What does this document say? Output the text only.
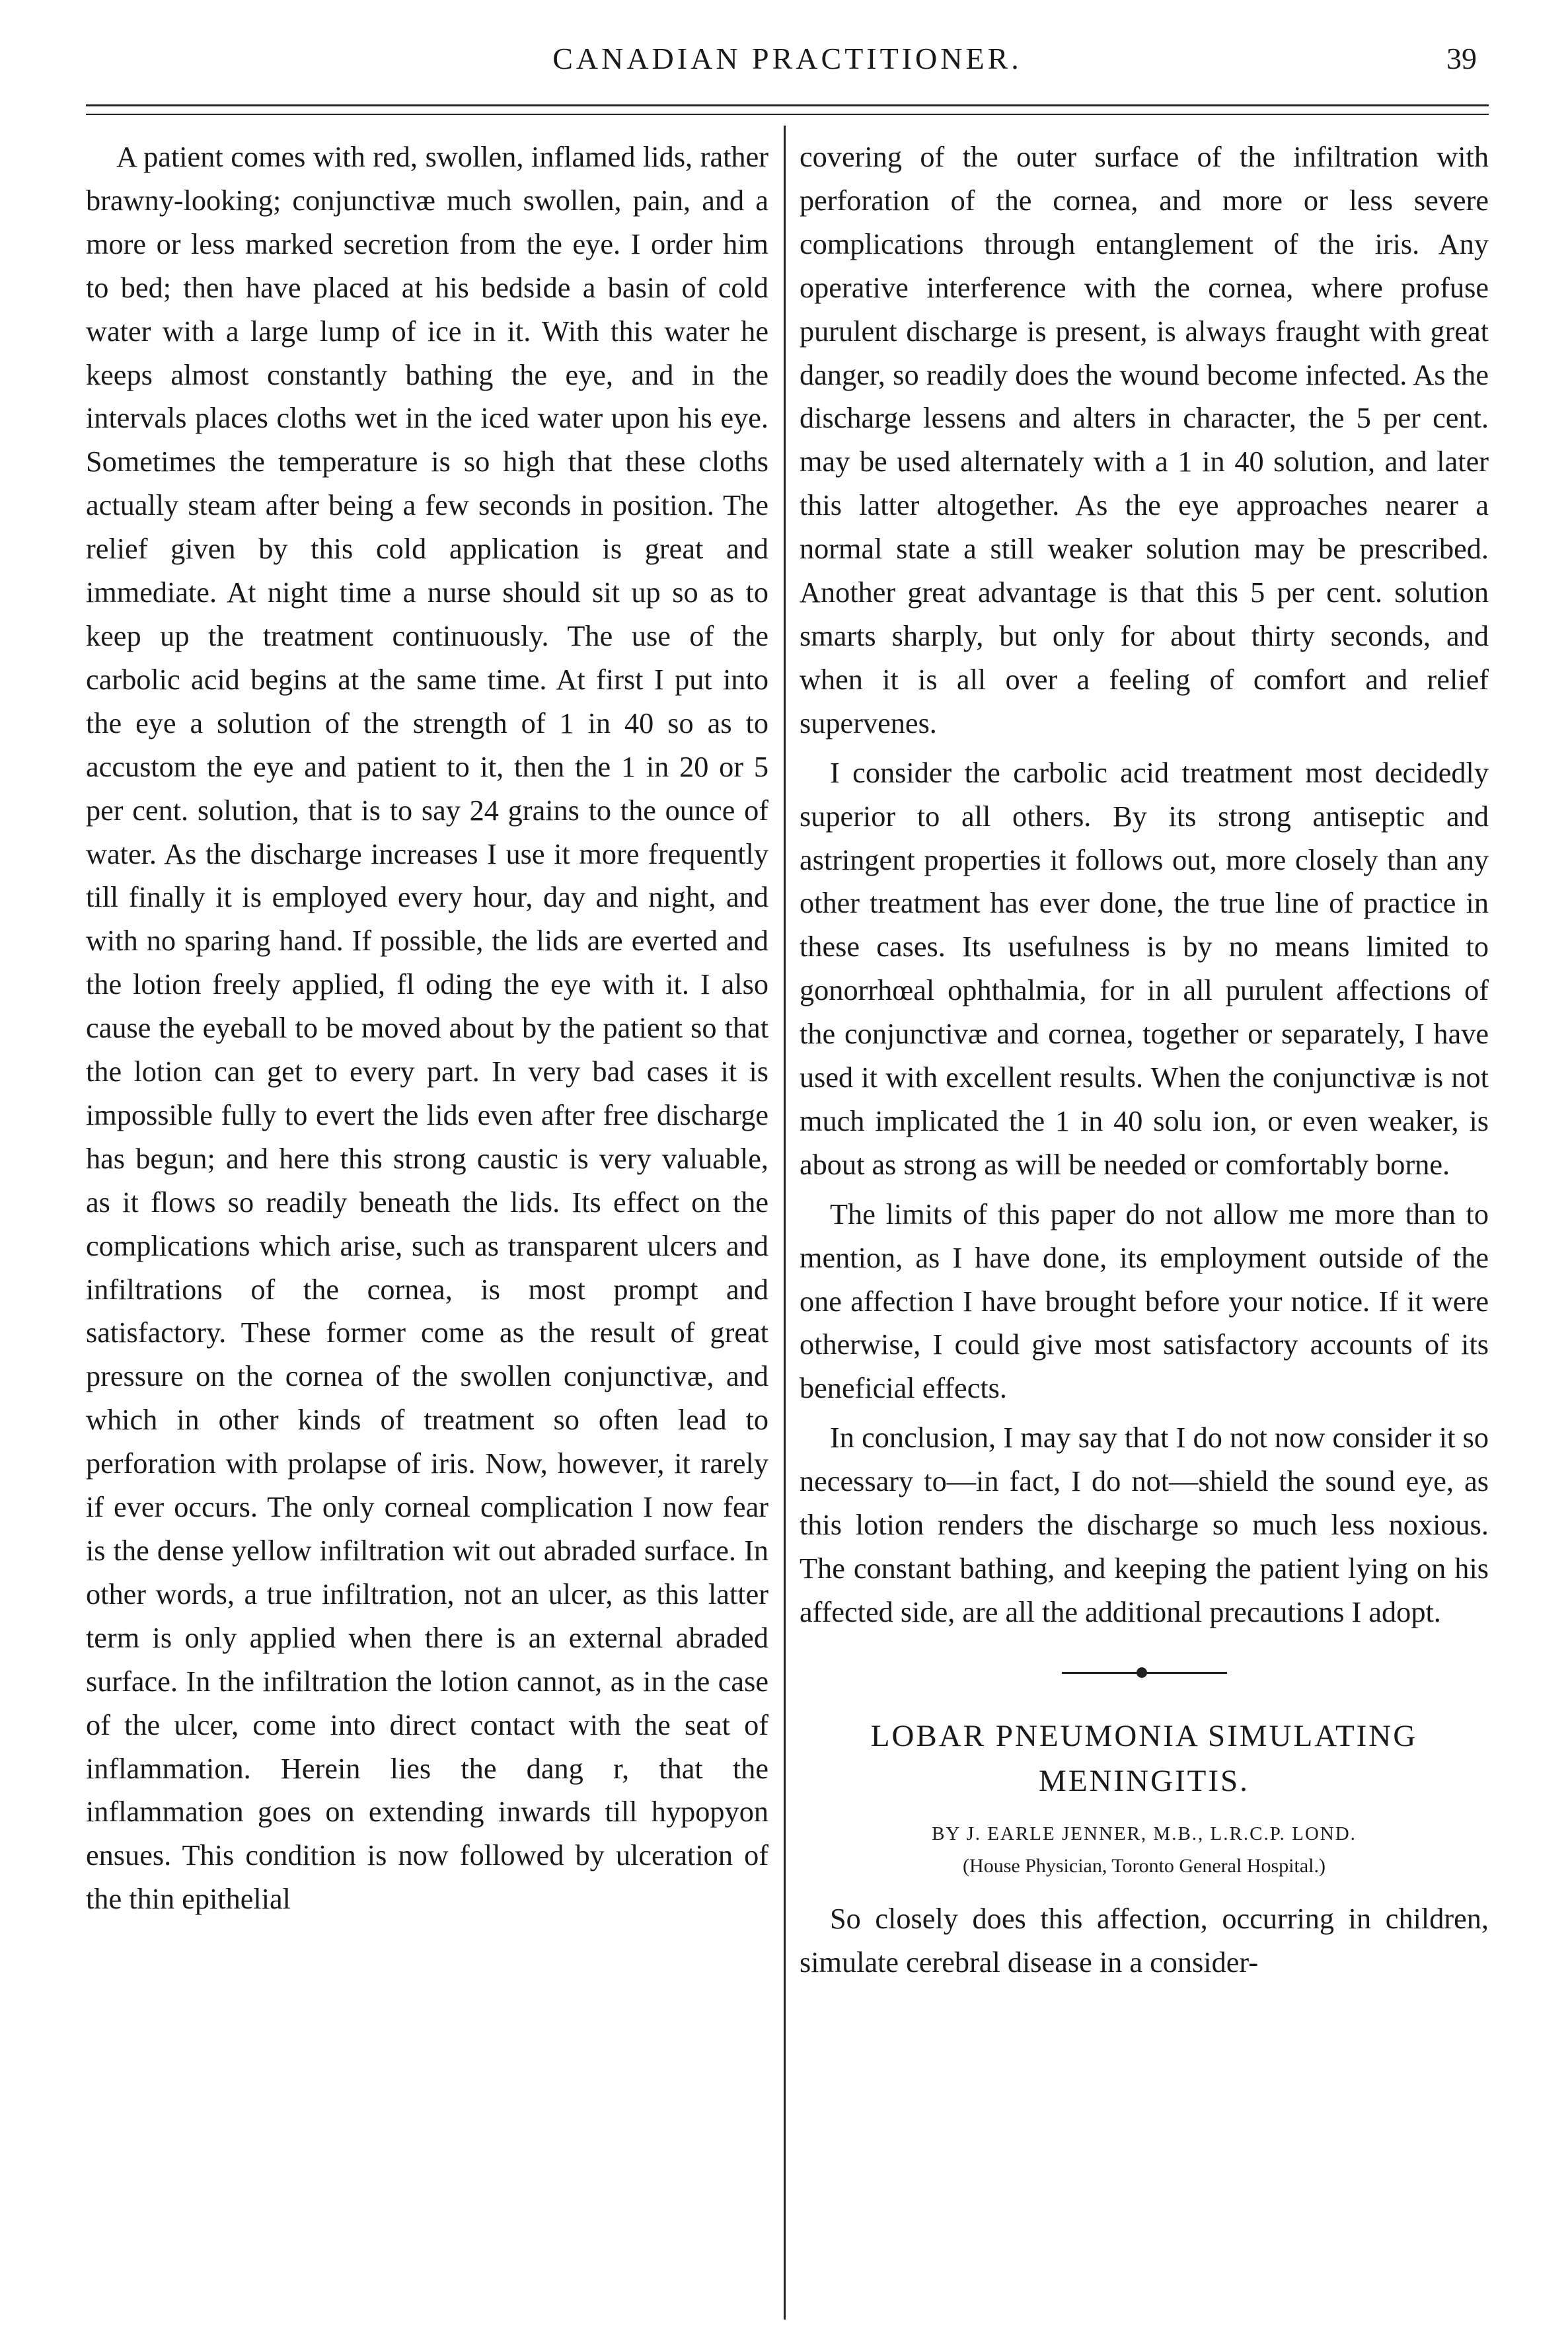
CANADIAN PRACTITIONER.	39

A patient comes with red, swollen, inflamed lids, rather brawny-looking; conjunctivæ much swollen, pain, and a more or less marked secretion from the eye. I order him to bed; then have placed at his bedside a basin of cold water with a large lump of ice in it. With this water he keeps almost constantly bathing the eye, and in the intervals places cloths wet in the iced water upon his eye. Sometimes the temperature is so high that these cloths actually steam after being a few seconds in position. The relief given by this cold application is great and immediate. At night time a nurse should sit up so as to keep up the treatment continuously. The use of the carbolic acid begins at the same time. At first I put into the eye a solution of the strength of 1 in 40 so as to accustom the eye and patient to it, then the 1 in 20 or 5 per cent. solution, that is to say 24 grains to the ounce of water. As the discharge increases I use it more frequently till finally it is employed every hour, day and night, and with no sparing hand. If possible, the lids are everted and the lotion freely applied, fl oding the eye with it. I also cause the eyeball to be moved about by the patient so that the lotion can get to every part. In very bad cases it is impossible fully to evert the lids even after free discharge has begun; and here this strong caustic is very valuable, as it flows so readily beneath the lids. Its effect on the complications which arise, such as transparent ulcers and infiltrations of the cornea, is most prompt and satisfactory. These former come as the result of great pressure on the cornea of the swollen conjunctivæ, and which in other kinds of treatment so often lead to perforation with prolapse of iris. Now, however, it rarely if ever occurs. The only corneal complication I now fear is the dense yellow infiltration wit out abraded surface. In other words, a true infiltration, not an ulcer, as this latter term is only applied when there is an external abraded surface. In the infiltration the lotion cannot, as in the case of the ulcer, come into direct contact with the seat of inflammation. Herein lies the dang r, that the inflammation goes on extending inwards till hypopyon ensues. This condition is now followed by ulceration of the thin epithelial

covering of the outer surface of the infiltration with perforation of the cornea, and more or less severe complications through entanglement of the iris. Any operative interference with the cornea, where profuse purulent discharge is present, is always fraught with great danger, so readily does the wound become infected. As the discharge lessens and alters in character, the 5 per cent. may be used alternately with a 1 in 40 solution, and later this latter altogether. As the eye approaches nearer a normal state a still weaker solution may be prescribed. Another great advantage is that this 5 per cent. solution smarts sharply, but only for about thirty seconds, and when it is all over a feeling of comfort and relief supervenes.

I consider the carbolic acid treatment most decidedly superior to all others. By its strong antiseptic and astringent properties it follows out, more closely than any other treatment has ever done, the true line of practice in these cases. Its usefulness is by no means limited to gonorrhœal ophthalmia, for in all purulent affections of the conjunctivæ and cornea, together or separately, I have used it with excellent results. When the conjunctivæ is not much implicated the 1 in 40 solu ion, or even weaker, is about as strong as will be needed or comfortably borne.

The limits of this paper do not allow me more than to mention, as I have done, its employment outside of the one affection I have brought before your notice. If it were otherwise, I could give most satisfactory accounts of its beneficial effects.

In conclusion, I may say that I do not now consider it so necessary to—in fact, I do not—shield the sound eye, as this lotion renders the discharge so much less noxious. The constant bathing, and keeping the patient lying on his affected side, are all the additional precautions I adopt.

LOBAR PNEUMONIA SIMULATING MENINGITIS.
BY J. EARLE JENNER, M.B., L.R.C.P. LOND.
(House Physician, Toronto General Hospital.)

So closely does this affection, occurring in children, simulate cerebral disease in a consider-
